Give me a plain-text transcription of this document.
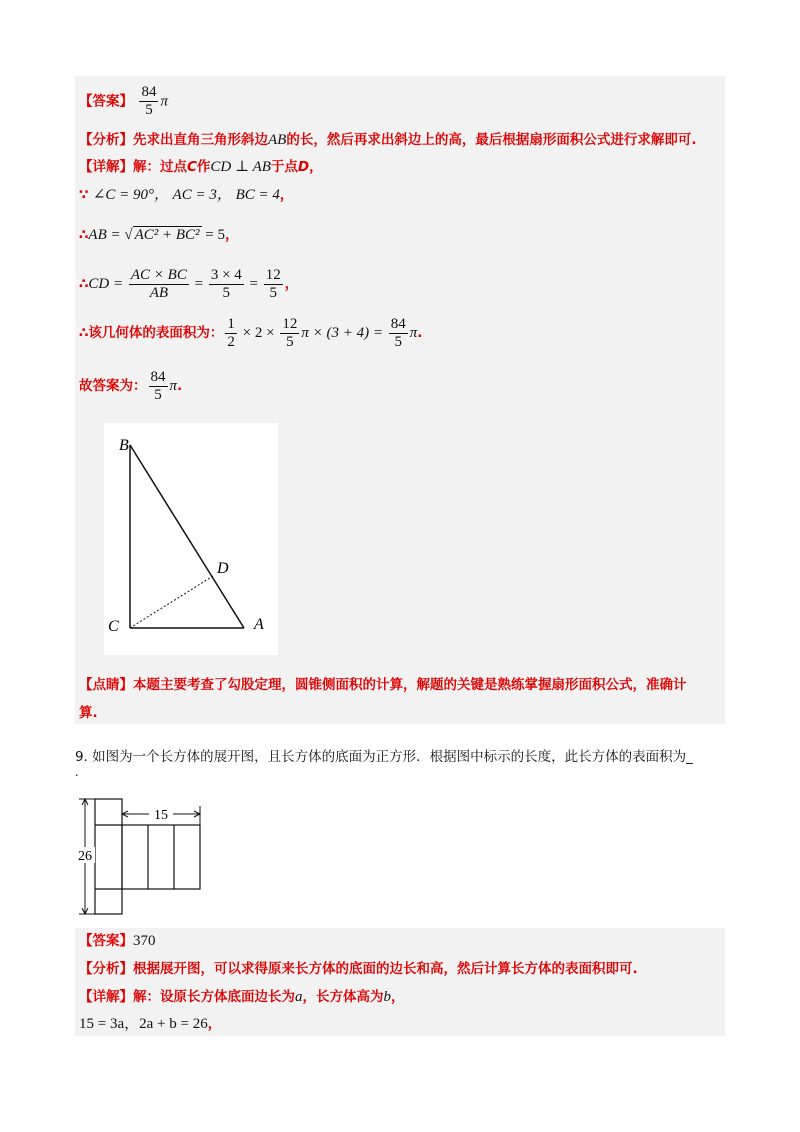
【答案】 $\frac{84}{5}$ π
【分析】先求出直角三角形斜边AB的长，然后再求出斜边上的高，最后根据扇形面积公式进行求解即可.
【详解】解：过点C作CD ⊥ AB于点D，
∵ ∠C = 90°， AC = 3， BC = 4，
∴AB = √ AC² + BC² = 5，
∴CD = $\frac{AC \times BC}{AB} = \frac{3 \times 4}{5} = \frac{12}{5}$ ，
∴该几何体的表面积为： $\frac{1}{2} \times 2 \times \frac{12}{5}$ $\pi \times (3 + 4) = \frac{84}{5} \pi$.
故答案为： $\frac{84}{5} \pi$.
B
D
C	A
【点睛】本题主要考查了勾股定理，圆锥侧面积的计算，解题的关键是熟练掌握扇形面积公式，准确计
算.
9. 如图为一个长方体的展开图，且长方体的底面为正方形．根据图中标示的长度，此长方体的表面积为_
.
15
26
【答案】370
【分析】根据展开图，可以求得原来长方体的底面的边长和高，然后计算长方体的表面积即可.
【详解】解：设原长方体底面边长为a，长方体高为b，
15 = 3a，2a + b = 26，
